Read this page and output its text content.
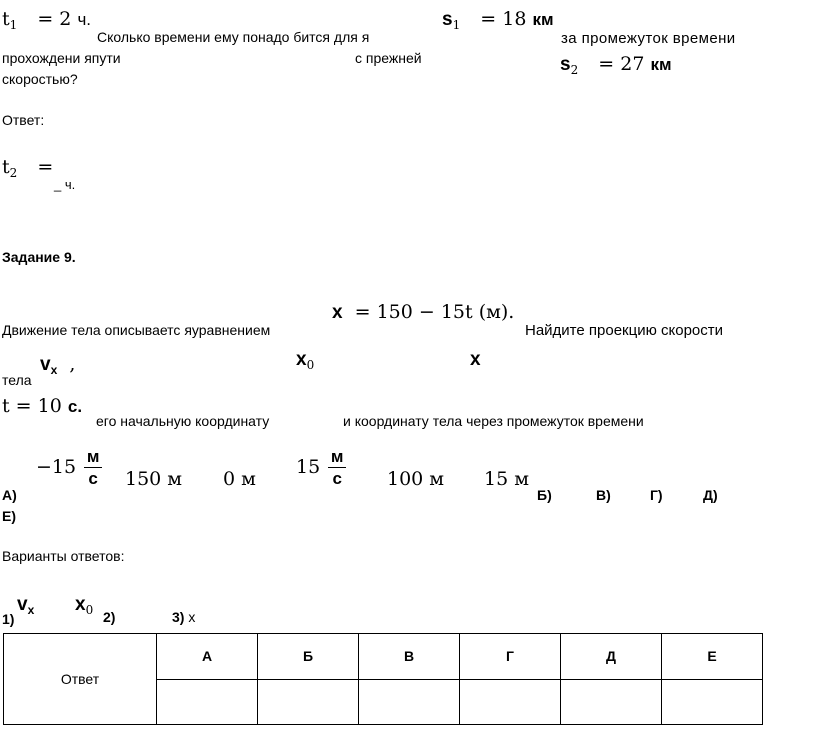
$t_1 = 2$ ч.
Сколько времени ему понадо бится для я
прохождени япути	с прежней
скоростью?
$s_1 = 18$ км
за промежуток времени
$s_2 = 27$ км
Ответ:
$t_2$ =
_ ч.
Задание 9.
x = 150 − 15t (м).
Движение тела описываетс яуравнением	Найдите проекцию скорости
$v_x$ ,	$x_0$	x
тела
t = 10 с.
его начальную координату	и координату тела через промежуток времени
$-15 \frac{м}{с} 150$ м 0 м
$15 \frac{м}{с} 100$ м 15 м
А)	Б)	В)	Г)	Д)
Е)
Варианты ответов:
$v_x$ $x_0$
1)	2)	3) x
Ответ	А	Б	В	Г	Д	Е
